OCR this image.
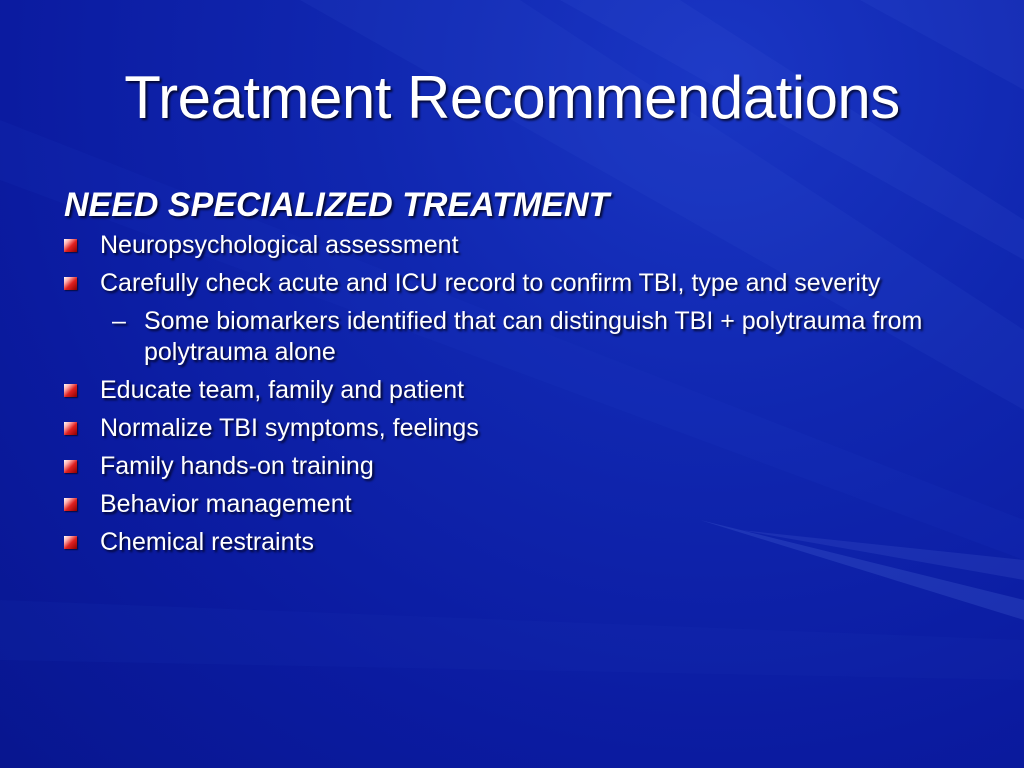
Treatment Recommendations
NEED SPECIALIZED TREATMENT
Neuropsychological assessment
Carefully check acute and ICU record to confirm TBI, type and severity
– Some biomarkers identified that can distinguish TBI + polytrauma from polytrauma alone
Educate team, family and patient
Normalize TBI symptoms, feelings
Family hands-on training
Behavior management
Chemical restraints
